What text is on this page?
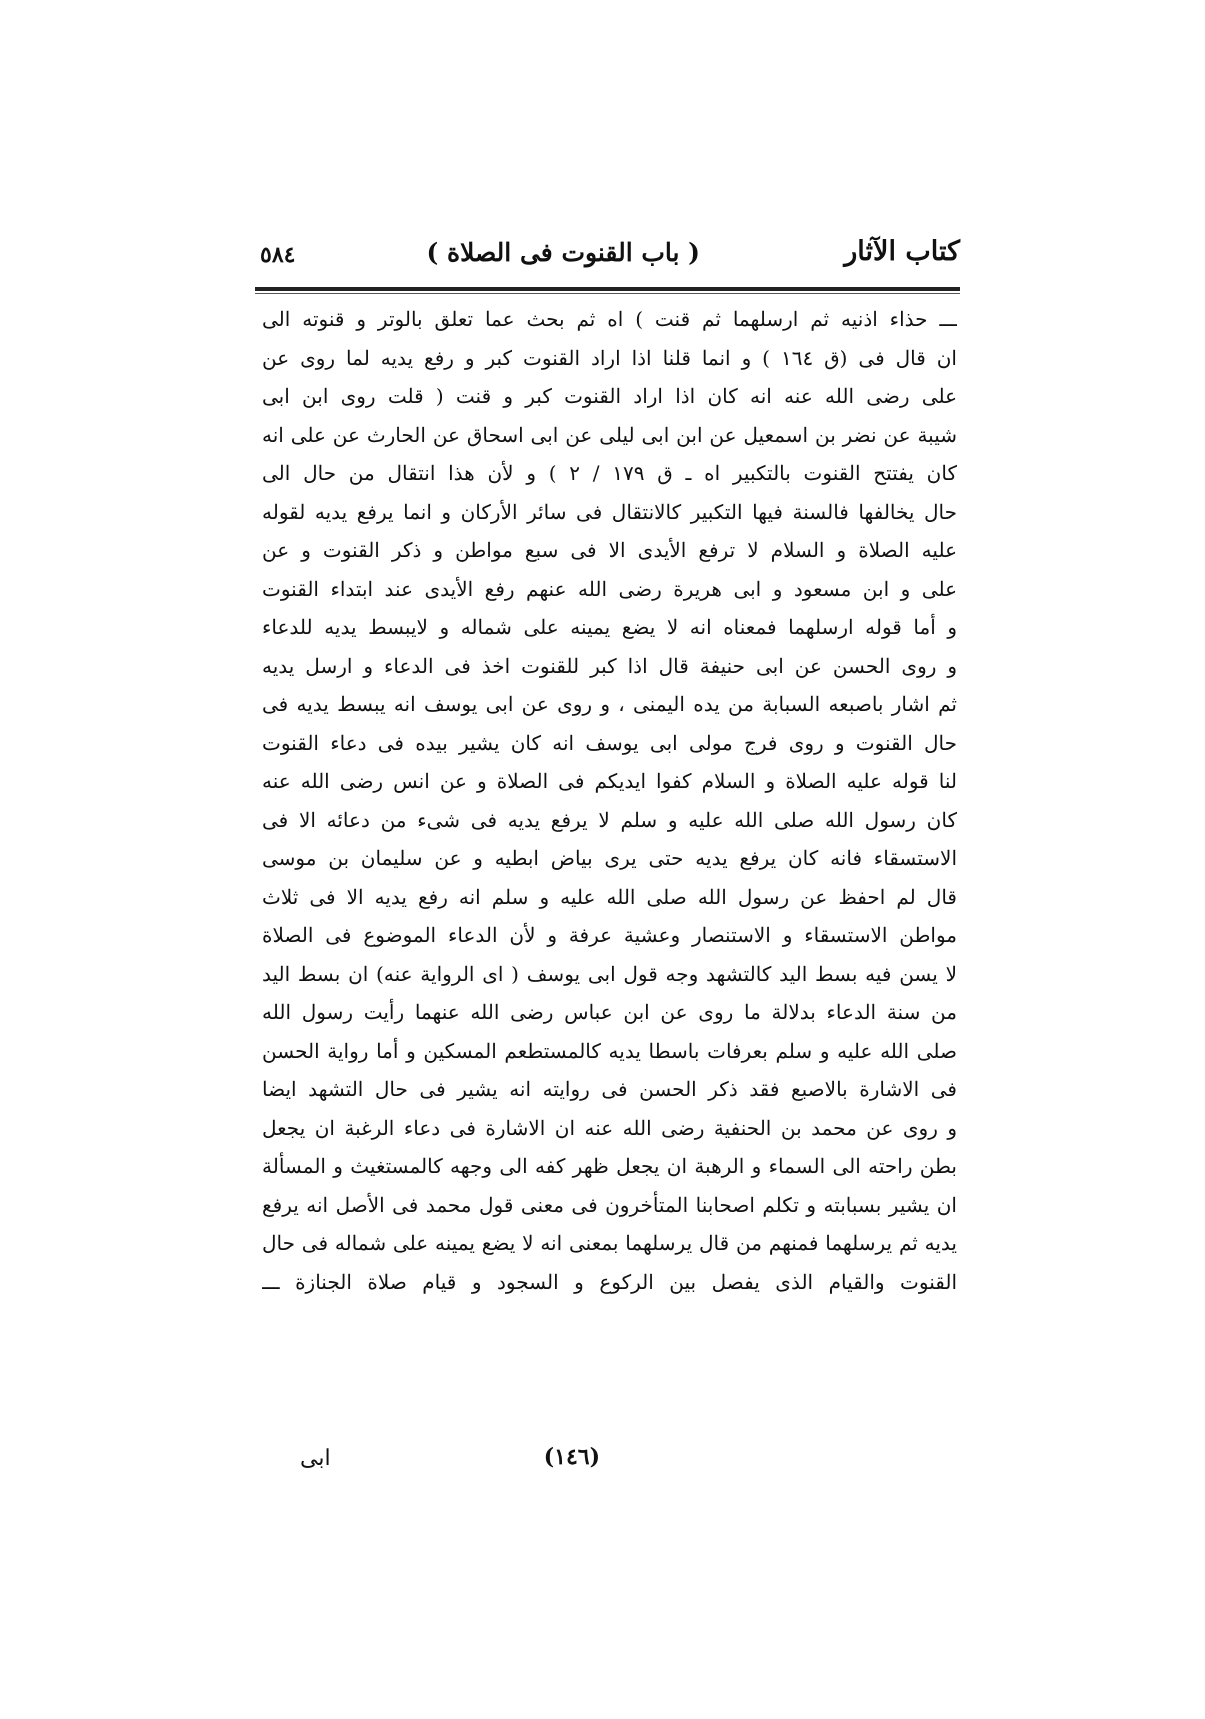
كتاب الآثار
( باب القنوت فى الصلاة )
٥٨٤
ـــ حذاء اذنيه ثم ارسلهما ثم قنت ) اه ثم بحث عما تعلق بالوتر و قنوته الى
ان قال فى (ق ١٦٤ ) و انما قلنا اذا اراد القنوت كبر و رفع يديه لما روى عن
على رضى الله عنه انه كان اذا اراد القنوت كبر و قنت ( قلت روى ابن ابى
شيبة عن نضر بن اسمعيل عن ابن ابى ليلى عن ابى اسحاق عن الحارث عن على انه
كان يفتتح القنوت بالتكبير اه ـ ق ١٧٩ / ٢ ) و لأن هذا انتقال من حال الى
حال يخالفها فالسنة فيها التكبير كالانتقال فى سائر الأركان و انما يرفع يديه لقوله
عليه الصلاة و السلام لا ترفع الأيدى الا فى سبع مواطن و ذكر القنوت و عن
على و ابن مسعود و ابى هريرة رضى الله عنهم رفع الأيدى عند ابتداء القنوت
و أما قوله ارسلهما فمعناه انه لا يضع يمينه على شماله و لايبسط يديه للدعاء
و روى الحسن عن ابى حنيفة قال اذا كبر للقنوت اخذ فى الدعاء و ارسل يديه
ثم اشار باصبعه السبابة من يده اليمنى ، و روى عن ابى يوسف انه يبسط يديه فى
حال القنوت و روى فرج مولى ابى يوسف انه كان يشير بيده فى دعاء القنوت
لنا قوله عليه الصلاة و السلام كفوا ايديكم فى الصلاة و عن انس رضى الله عنه
كان رسول الله صلى الله عليه و سلم لا يرفع يديه فى شىء من دعائه الا فى
الاستسقاء فانه كان يرفع يديه حتى يرى بياض ابطيه و عن سليمان بن موسى
قال لم احفظ عن رسول الله صلى الله عليه و سلم انه رفع يديه الا فى ثلاث
مواطن الاستسقاء و الاستنصار وعشية عرفة و لأن الدعاء الموضوع فى الصلاة
لا يسن فيه بسط اليد كالتشهد وجه قول ابى يوسف ( اى الرواية عنه) ان بسط اليد
من سنة الدعاء بدلالة ما روى عن ابن عباس رضى الله عنهما رأيت رسول الله
صلى الله عليه و سلم بعرفات باسطا يديه كالمستطعم المسكين و أما رواية الحسن
فى الاشارة بالاصبع فقد ذكر الحسن فى روايته انه يشير فى حال التشهد ايضا
و روى عن محمد بن الحنفية رضى الله عنه ان الاشارة فى دعاء الرغبة ان يجعل
بطن راحته الى السماء و الرهبة ان يجعل ظهر كفه الى وجهه كالمستغيث و المسألة
ان يشير بسبابته و تكلم اصحابنا المتأخرون فى معنى قول محمد فى الأصل انه يرفع
يديه ثم يرسلهما فمنهم من قال يرسلهما بمعنى انه لا يضع يمينه على شماله فى حال
القنوت والقيام الذى يفصل بين الركوع و السجود و قيام صلاة الجنازة ـــ
(١٤٦)
ابى
